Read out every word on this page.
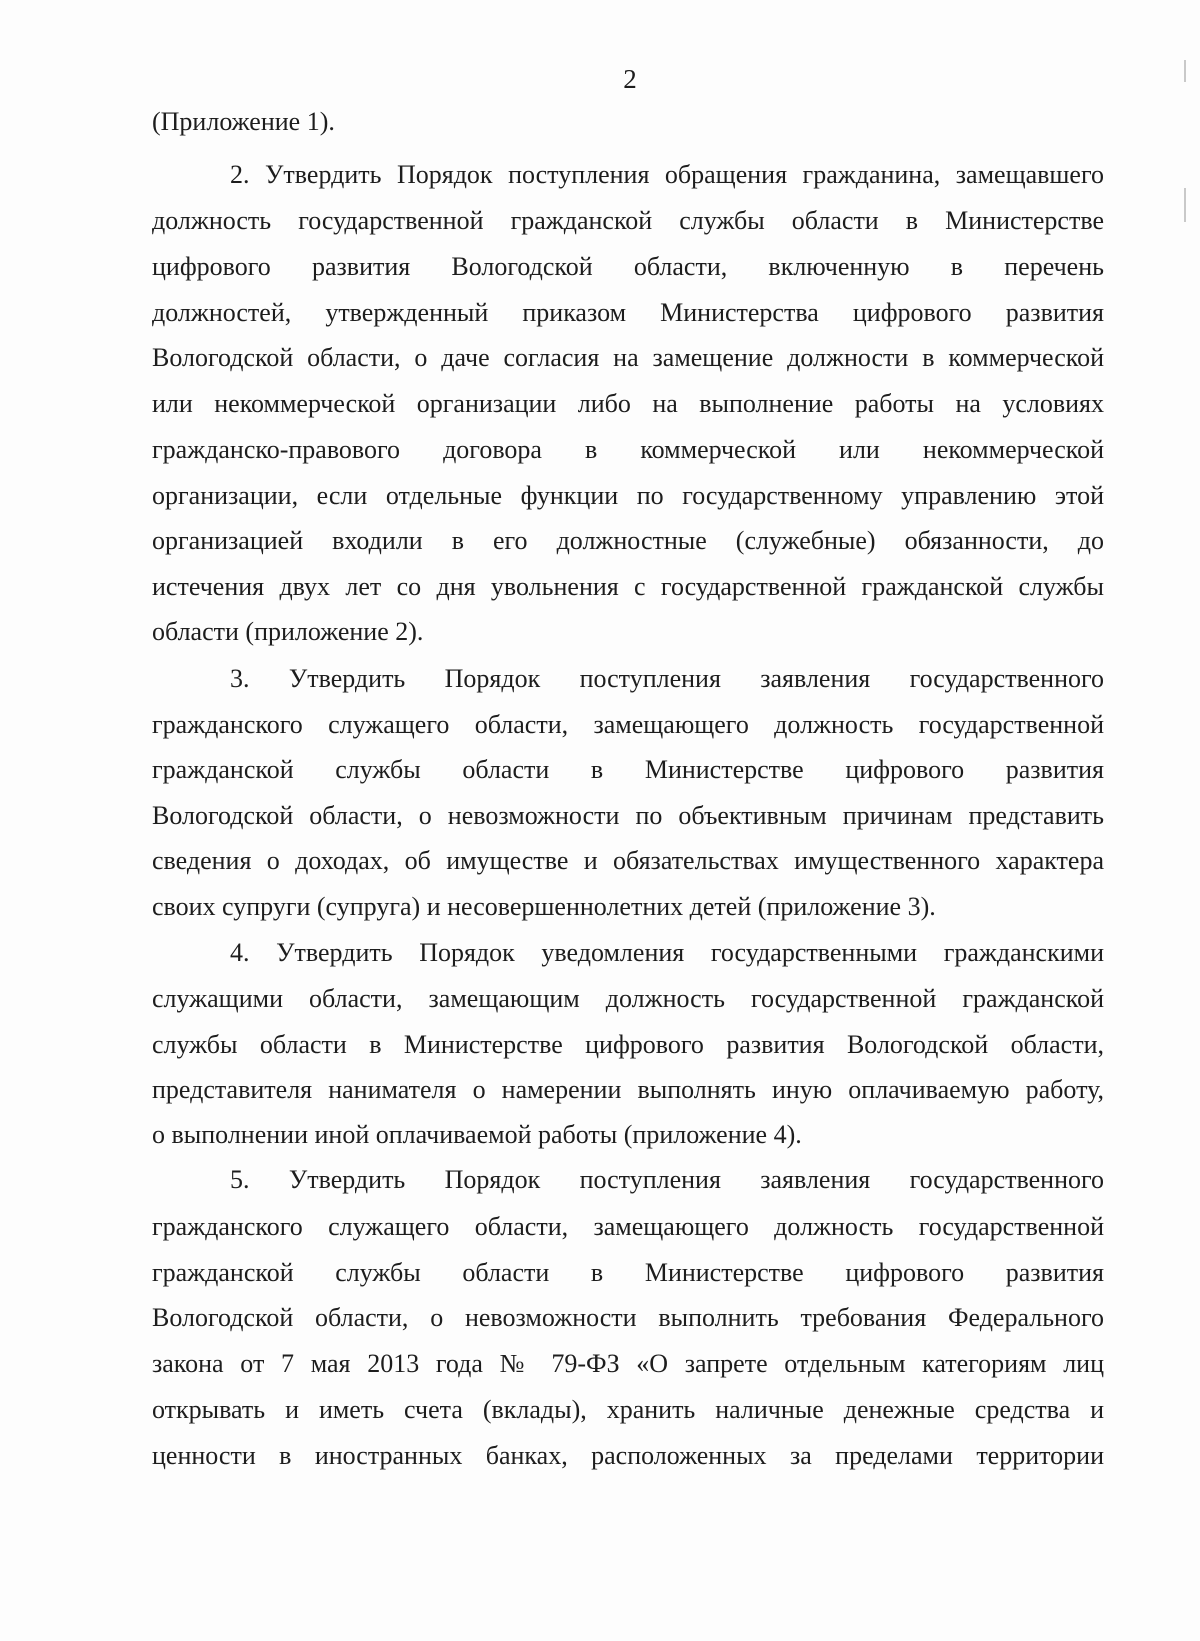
2
(Приложение 1).
2. Утвердить Порядок поступления обращения гражданина, замещавшего
должность государственной гражданской службы области в Министерстве
цифрового развития Вологодской области, включенную в перечень
должностей, утвержденный приказом Министерства цифрового развития
Вологодской области, о даче согласия на замещение должности в коммерческой
или некоммерческой организации либо на выполнение работы на условиях
гражданско-правового договора в коммерческой или некоммерческой
организации, если отдельные функции по государственному управлению этой
организацией входили в его должностные (служебные) обязанности, до
истечения двух лет со дня увольнения с государственной гражданской службы
области (приложение 2).
3. Утвердить Порядок поступления заявления государственного
гражданского служащего области, замещающего должность государственной
гражданской службы области в Министерстве цифрового развития
Вологодской области, о невозможности по объективным причинам представить
сведения о доходах, об имуществе и обязательствах имущественного характера
своих супруги (супруга) и несовершеннолетних детей (приложение 3).
4. Утвердить Порядок уведомления государственными гражданскими
служащими области, замещающим должность государственной гражданской
службы области в Министерстве цифрового развития Вологодской области,
представителя нанимателя о намерении выполнять иную оплачиваемую работу,
о выполнении иной оплачиваемой работы (приложение 4).
5. Утвердить Порядок поступления заявления государственного
гражданского служащего области, замещающего должность государственной
гражданской службы области в Министерстве цифрового развития
Вологодской области, о невозможности выполнить требования Федерального
закона от 7 мая 2013 года № 79-ФЗ «О запрете отдельным категориям лиц
открывать и иметь счета (вклады), хранить наличные денежные средства и
ценности в иностранных банках, расположенных за пределами территории
